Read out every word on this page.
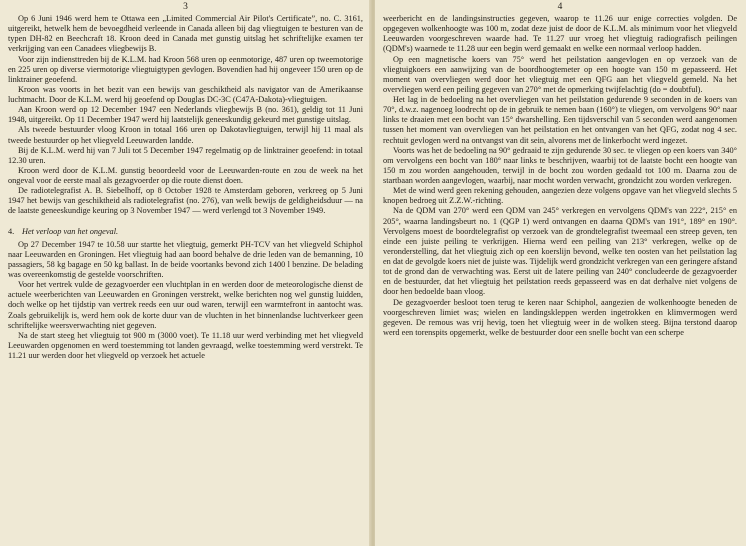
3

Op 6 Juni 1946 werd hem te Ottawa een „Limited Commercial Air Pilot's Certificate”, no. C. 3161, uitgereikt, hetwelk hem de bevoegdheid verleende in Canada alleen bij dag vliegtuigen te besturen van de typen DH-82 en Beechcraft 18. Kroon deed in Canada met gunstig uitslag het schriftelijke examen ter verkrijging van een Canadees vliegbewijs B.

Voor zijn indiensttreden bij de K.L.M. had Kroon 568 uren op eenmotorige, 487 uren op tweemotorige en 225 uren op diverse viermotorige vliegtuigtypen gevlogen. Bovendien had hij ongeveer 150 uren op de linktrainer geoefend.

Kroon was voorts in het bezit van een bewijs van geschiktheid als navigator van de Amerikaanse luchtmacht. Door de K.L.M. werd hij geoefend op Douglas DC-3C (C47A-Dakota)-vliegtuigen.

Aan Kroon werd op 12 December 1947 een Nederlands vliegbewijs B (no. 361), geldig tot 11 Juni 1948, uitgereikt. Op 11 December 1947 werd hij laatstelijk geneeskundig gekeurd met gunstige uitslag.

Als tweede bestuurder vloog Kroon in totaal 166 uren op Dakotavliegtuigen, terwijl hij 11 maal als tweede bestuurder op het vliegveld Leeuwarden landde.

Bij de K.L.M. werd hij van 7 Juli tot 5 December 1947 regelmatig op de linktrainer geoefend: in totaal 12.30 uren.

Kroon werd door de K.L.M. gunstig beoordeeld voor de Leeuwarden-route en zou de week na het ongeval voor de eerste maal als gezagvoerder op die route dienst doen.

De radiotelegrafist A. B. Siebelhoff, op 8 October 1928 te Amsterdam geboren, verkreeg op 5 Juni 1947 het bewijs van geschiktheid als radiotelegrafist (no. 276), van welk bewijs de geldigheidsduur — na de laatste geneeskundige keuring op 3 November 1947 — werd verlengd tot 3 November 1949.

4. Het verloop van het ongeval.

Op 27 December 1947 te 10.58 uur startte het vliegtuig, gemerkt PH-TCV van het vliegveld Schiphol naar Leeuwarden en Groningen. Het vliegtuig had aan boord behalve de drie leden van de bemanning, 10 passagiers, 58 kg bagage en 50 kg ballast. In de beide voortanks bevond zich 1400 l benzine. De belading was overeenkomstig de gestelde voorschriften.

Voor het vertrek vulde de gezagvoerder een vluchtplan in en werden door de meteorologische dienst de actuele weerberichten van Leeuwarden en Groningen verstrekt, welke berichten nog wel gunstig luidden, doch welke op het tijdstip van vertrek reeds een uur oud waren, terwijl een warmtefront in aantocht was. Zoals gebruikelijk is, werd hem ook de korte duur van de vluchten in het binnenlandse luchtverkeer geen schriftelijke weersverwachting niet gegeven.

Na de start steeg het vliegtuig tot 900 m (3000 voet). Te 11.18 uur werd verbinding met het vliegveld Leeuwarden opgenomen en werd toestemming tot landen gevraagd, welke toestemming werd verstrekt. Te 11.21 uur werden door het vliegveld op verzoek het actuele

4

weerbericht en de landingsinstructies gegeven, waarop te 11.26 uur enige correcties volgden. De opgegeven wolkenhoogte was 100 m, zodat deze juist de door de K.L.M. als minimum voor het vliegveld Leeuwarden voorgeschreven waarde had. Te 11.27 uur vroeg het vliegtuig radiografisch peilingen (QDM's) waarnede te 11.28 uur een begin werd gemaakt en welke een normaal verloop hadden.

Op een magnetische koers van 75° werd het peilstation aangevlogen en op verzoek van de vliegtuigkoers een aanwijzing van de boordhoogtemeter op een hoogte van 150 m gepasseerd. Het moment van overvliegen werd door het vliegtuig met een QFG aan het vliegveld gemeld. Na het overvliegen werd een peiling gegeven van 270° met de opmerking twijfelachtig (do = doubtful).

Het lag in de bedoeling na het overvliegen van het peilstation gedurende 9 seconden in de koers van 70°, d.w.z. nagenoeg loodrecht op de in gebruik te nemen baan (160°) te vliegen, om vervolgens 90° naar links te draaien met een bocht van 15° dwarshelling. Een tijdsverschil van 5 seconden werd aangenomen tussen het moment van overvliegen van het peilstation en het ontvangen van het QFG, zodat nog 4 sec. rechtuit gevlogen werd na ontvangst van dit sein, alvorens met de linkerbocht werd ingezet.

Voorts was het de bedoeling na 90° gedraaid te zijn gedurende 30 sec. te vliegen op een koers van 340° om vervolgens een bocht van 180° naar links te beschrijven, waarbij tot de laatste bocht een hoogte van 150 m zou worden aangehouden, terwijl in de bocht zou worden gedaald tot 100 m. Daarna zou de startbaan worden aangevlogen, waarbij, naar mocht worden verwacht, grondzicht zou worden verkregen.

Met de wind werd geen rekening gehouden, aangezien deze volgens opgave van het vliegveld slechts 5 knopen bedroeg uit Z.Z.W.-richting.

Na de QDM van 270° werd een QDM van 245° verkregen en vervolgens QDM's van 222°, 215° en 205°, waarna landingsbeurt no. 1 (QGP 1) werd ontvangen en daarna QDM's van 191°, 189° en 190°. Vervolgens moest de boordtelegrafist op verzoek van de grondtelegrafist tweemaal een streep geven, ten einde een juiste peiling te verkrijgen. Hierna werd een peiling van 213° verkregen, welke op de veronderstelling, dat het vliegtuig zich op een koerslijn bevond, welke ten oosten van het peilstation lag en dat de gevolgde koers niet de juiste was. Tijdelijk werd grondzicht verkregen van een geringere afstand tot de grond dan de verwachting was. Eerst uit de latere peiling van 240° concludeerde de gezagvoerder en de bestuurder, dat het vliegtuig het peilstation reeds gepasseerd was en dat derhalve niet volgens de door hen bedoelde baan vloog.

De gezagvoerder besloot toen terug te keren naar Schiphol, aangezien de wolkenhoogte beneden de voorgeschreven limiet was; wielen en landingskleppen werden ingetrokken en klimvermogen werd gegeven. De remous was vrij hevig, toen het vliegtuig weer in de wolken steeg. Bijna terstond daarop werd een torenspits opgemerkt, welke de bestuurder door een snelle bocht van een scherpe
